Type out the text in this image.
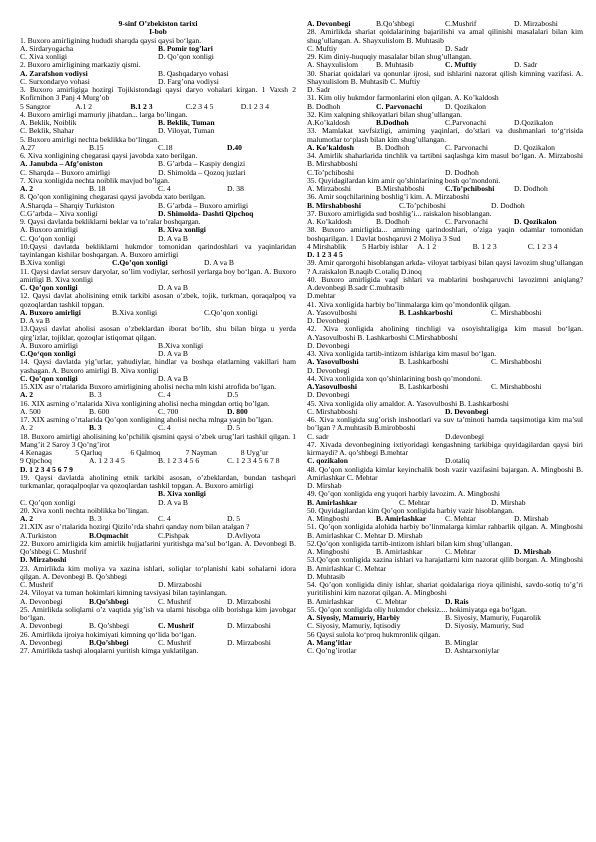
9-sinf O’zbekiston tarixi
I-bob
1. Buxoro amirligining hududi sharqda qaysi qaysi bo‘lgan.
A. Sirdaryogacha	B. Pomir tog’lari
C. Xiva xonligi	D. Qo’qon xonligi
2. Buxoro amirligining markaziy qismi.
A. Zarafshon vodiysi	B. Qashqadaryo vohasi
C. Surxondaryo vohasi	D. Farg’ona vodiysi
3. Buxoro amirligiga hozirgi Tojikistondagi qaysi daryo vohalari kirgan. 1 Vaxsh 2 Kofirnihon 3 Panj 4 Murg’ob
5 Sangzor	A.1 2	B.1 2 3	C.2 3 4 5	D.1 2 3 4
4. Buxoro amirligi mamuriy jihatdan... larga bo’lingan.
A. Beklik, Noiblik	B. Beklik, Tuman
C. Beklik, Shahar	D. Viloyat, Tuman
5. Buxoro amirligi nechta beklikka bo‘lingan.
A.27	B.15	C.18	D.40
6. Xiva xonligining chegarasi qaysi javobda xato berilgan.
A. Janubda – Afg’oniston	B. G’arbda – Kaspiy dengizi
C. Sharqda – Buxoro amirligi	D. Shimolda – Qozoq juzlari
7. Xiva xonligida nechta noiblik mavjud bo’lgan.
A. 2	B. 18	C. 4	D. 38
8. Qo’qon xonligining chegarasi qaysi javobda xato berilgan.
A.Sharqda – Sharqiy Turkiston	B. G’arbda – Buxoro amirligi
C.G’arbda – Xiva xonligi	D. Shimolda- Dashti Qipchoq
9. Qaysi davlatda bekliklarni beklar va to’ralar boshqargan.
A. Buxoro amirligi	B. Xiva xonligi
C. Qo’qon xonligi	D. A va B
10.Qaysi davlatda bekliklarni hukmdor tomonidan qarindoshlari va yaqinlaridan tayinlangan kishilar boshqargan. A. Buxoro amirligi
B.Xiva xonligi	C.Qo’qon xonligi	D. A va B
11. Qaysi davlat sersuv daryolar, so’lim vodiylar, serhosil yerlarga boy bo‘lgan. A. Buxoro amirligi B. Xiva xonligi
C. Qo’qon xonligi	D. A va B
12. Qaysi davlat aholisining etnik tarkibi asosan o’zbek, tojik, turkman, qoraqalpoq va qozoqlardan tashkil topgan.
A. Buxoro amirligi	B.Xiva xonligi	C.Qo’qon xonligi
D. A va B
13.Qaysi davlat aholisi asosan o’zbeklardan iborat bo‘lib, shu bilan birga u yerda qirg’izlar, tojiklar, qozoqlar istiqomat qilgan.
A. Buxoro amirligi	B.Xiva xonligi
C.Qo‘qon xonligi	D. A va B
14. Qaysi davlatda yig’urlar, yahudiylar, hindlar va boshqa elatlarning vakillari ham yashagan. A. Buxoro amirligi B. Xiva xonligi
C. Qo’qon xonligi	D. A va B
15.XIX asr o’rtalarida Buxoro amirligining aholisi necha mln kishi atrofida bo’lgan.
A. 2	B. 3	C. 4	D.5
16. XIX asrning o’rtalarida Xiva xonligining aholisi necha mingdan ortiq bo’lgan.
A. 500	B. 600	C. 700	D. 800
17. XIX asrning o’rtalarida Qo’qon xonligining aholisi necha mlnga yaqin bo’lgan.
A. 2	B. 3	C. 4	D. 5
18. Buxoro amirligi aholisining ko’pchilik qismini qaysi o’zbek urug’lari tashkil qilgan. 1 Mang’it 2 Saroy 3 Qo’ng’irot
4 Kenagas	5 Qarluq	6 Qalmoq	7 Nayman	8 Uyg’ur
9 Qipchoq	A. 1 2 3 4 5	B. 1 2 3 4 5 6	C. 1 2 3 4 5 6 7 8
D. 1 2 3 4 5 6 7 9
19. Qaysi davlatda aholining etnik tarkibi asosan, o’zbeklardan, bundan tashqari turkmanlar, qoraqalpoqlar va qozoqlardan tashkil topgan. A. Buxoro amirligi
B. Xiva xonligi
C. Qo’qon xonligi	D. A va B
20. Xiva xonli nechta noiblikka bo’lingan.
A. 2	B. 3	C. 4	D. 5
21.XIX asr o’rtalarida hozirgi Qizilo’rda shahri qanday nom bilan atalgan ?
A.Turkiston	B.Oqmachit	C.Pishpak	D.Avliyota
22. Buxoro amirligida kim amirlik hujjatlarini yuritishga ma’sul bo‘lgan. A. Devonbegi B. Qo’shbegi C. Mushrif
D. Mirzaboshi
23. Amirlikda kim moliya va xazina ishlari, soliqlar to‘planishi kabi sohalarni idora qilgan. A. Devonbegi B. Qo’shbegi
C. Mushrif	D. Mirzaboshi
24. Viloyat va tuman hokimlari kimning tavsiyasi bilan tayinlangan.
A. Devonbegi	B.Qo’shbegi	C. Mushrif	D. Mirzaboshi
25. Amirlikda soliqlarni o’z vaqtida yig’ish va ularni hisobga olib borishga kim javobgar bo‘lgan.
A. Devonbegi	B. Qo’shbegi	C. Mushrif	D. Mirzaboshi
26. Amirlikda ijroiya hokimiyati kimning qo‘lida bo‘lgan.
A. Devonbegi	B.Qo’shbegi	C. Mushrif	D. Mirzaboshi
27. Amirlikda tashqi aloqalarni yuritish kimga yuklatilgan.
A. Devonbegi	B.Qo’shbegi	C.Mushrif	D. Mirzaboshi
28. Amirlikda shariat qoidalarining bajarilishi va amal qilinishi masalalari bilan kim shug’ullangan. A. Shayxulislom B. Muhtasib
C. Muftiy	D. Sadr
29. Kim diniy-huquqiy masalalar bilan shug’ullangan.
A. Shayxulislom	B. Muhtasib	C. Muftiy	D. Sadr
30. Shariat qoidalari va qonunlar ijrosi, sud ishlarini nazorat qilish kimning vazifasi. A. Shayxulislom B. Muhtasib C. Muftiy
D. Sadr
31. Kim oliy hukmdor farmonlarini elon qilgan. A. Ko’kaldosh
B. Dodhoh	C. Parvonachi	D. Qozikalon
32. Kim xalqning shikoyatlari bilan shug’ullangan.
A.Ko’kaldosh	B.Dodhoh	C.Parvonachi	D.Qozikalon
33. Mamlakat xavfsizligi, amirning yaqinlari, do’stlari va dushmanlari to‘g‘risida malumotlar to‘plash bilan kim shug’ullangan.
A. Ko’kaldosh	B. Dodhoh	C. Parvonachi	D. Qozikalon
34. Amirlik shaharlarida tinchlik va tartibni saqlashga kim masul bo‘lgan. A. Mirzaboshi B. Mirshabboshi
C.To’pchiboshi	D. Dodhoh
35. Quyidagilardan kim amir qo’shinlarining bosh qo’mondoni.
A. Mirzaboshi	B.Mirshabboshi	C.To’pchiboshi	D. Dodhoh
36. Amir soqchilarining boshlig’i kim. A. Mirzaboshi
B. Mirshabboshi	C.To’pchiboshi	D. Dodhoh
37. Buxoro amirligida sud boshlig’i... raiskalon hisoblangan.
A. Ko’kaldosh	B. Dodhoh	C. Parvonachi	D. Qozikalon
38. Buxoro amirligida... amirning qarindoshlari, o’ziga yaqin odamlar tomonidan boshqarilgan. 1 Davlat boshqaruvi 2 Moliya 3 Sud
4 Mirshablik	5 Harbiy ishlar	A. 1 2	B. 1 2 3	C. 1 2 3 4
D. 1 2 3 4 5
39. Amir qarorgohi hisoblangan arkda- viloyat tarbiyasi bilan qaysi lavozim shug’ullangan ? A.raiskalon B.naqib C.otaliq D.inoq
40. Buxoro amirligida vaqf ishlari va mablarini boshqaruvchi lavozimni aniqlang? A.devonbegi B.sadr C.muhtasib
D.mehtar
41. Xiva xonligida harbiy bo’linmalarga kim qo’mondonlik qilgan.
A. Yasovulboshi	B. Lashkarboshi	C. Mirshabboshi
D. Devonbegi
42. Xiva xonligida aholining tinchligi va osoyishtaligiga kim masul bo‘lgan. A.Yasovulboshi B. Lashkarboshi C.Mirshabboshi
D. Devonbegi
43. Xiva xonligida tartib-intizom ishlariga kim masul bo‘lgan.
A. Yasovulboshi	B. Lashkarboshi	C. Mirshabboshi
D. Devonbegi
44. Xiva xonligida xon qo’shinlarining bosh qo’mondoni.
A.Yasovulboshi	B. Lashkarboshi	C. Mirshabboshi
D. Devonbegi
45. Xiva xonligida oliy amaldor. A. Yasovulboshi B. Lashkarboshi
C. Mirshabboshi	D. Devonbegi
46. Xiva xonligida sug’orish inshootlari va suv ta’minoti hamda taqsimotiga kim ma’sul bo’lgan ? A.muhtasib B.mirobboshi
C. sadr	D.devonbegi
47. Xivada devonbegining ixtiyoridagi kengashning tarkibiga quyidagilardan qaysi biri kirmaydi? A. qo’shbegi B.mehtar
C. qozikalon	D.otaliq
48. Qo’qon xonligida kimlar keyinchalik bosh vazir vazifasini bajargan. A. Mingboshi B. Amirlashkar C. Mehtar
D. Mirshab
49. Qo’qon xonligida eng yuqori harbiy lavozim. A. Mingboshi
B. Amirlashkar	C. Mehtar	D. Mirshab
50. Quyidagilardan kim Qo’qon xonligida harbiy vazir hisoblangan.
A. Mingboshi	B. Amirlashkar	C. Mehtar	D. Mirshab
51. Qo’qon xonligida alohida harbiy bo’linmalarga kimlar rahbarlik qilgan. A. Mingboshi B. Amirlashkar C. Mehtar D. Mirshab
52.Qo’qon xonligida tartib-intizom ishlari bilan kim shug’ullangan.
A. Mingboshi	B. Amirlashkar	C. Mehtar	D. Mirshab
53.Qo’qon xonligida xazina ishlari va harajatlarni kim nazorat qilib borgan. A. Mingboshi B. Amirlashkar C. Mehtar
D. Muhtasib
54. Qo’qon xonligida diniy ishlar, shariat qoidalariga rioya qilinishi, savdo-sotiq to’g’ri yuritilishini kim nazorat qilgan. A. Mingboshi
B. Amirlashkar	C. Mehtar	D. Rais
55. Qo’qon xonligida oliy hukmdor cheksiz.... hokimiyatga ega bo‘lgan.
A. Siyosiy, Mamuriy, Harbiy	B. Siyosiy, Mamuriy, Fuqarolik
C. Siyosiy, Mamuriy, Iqtisodiy	D. Siyosiy, Mamuriy, Sud
56 Qaysi sulola ko‘proq hukmronlik qilgan.
A. Mang’itlar	B. Minglar
C. Qo’ng’irotlar	D. Ashtarxoniylar
